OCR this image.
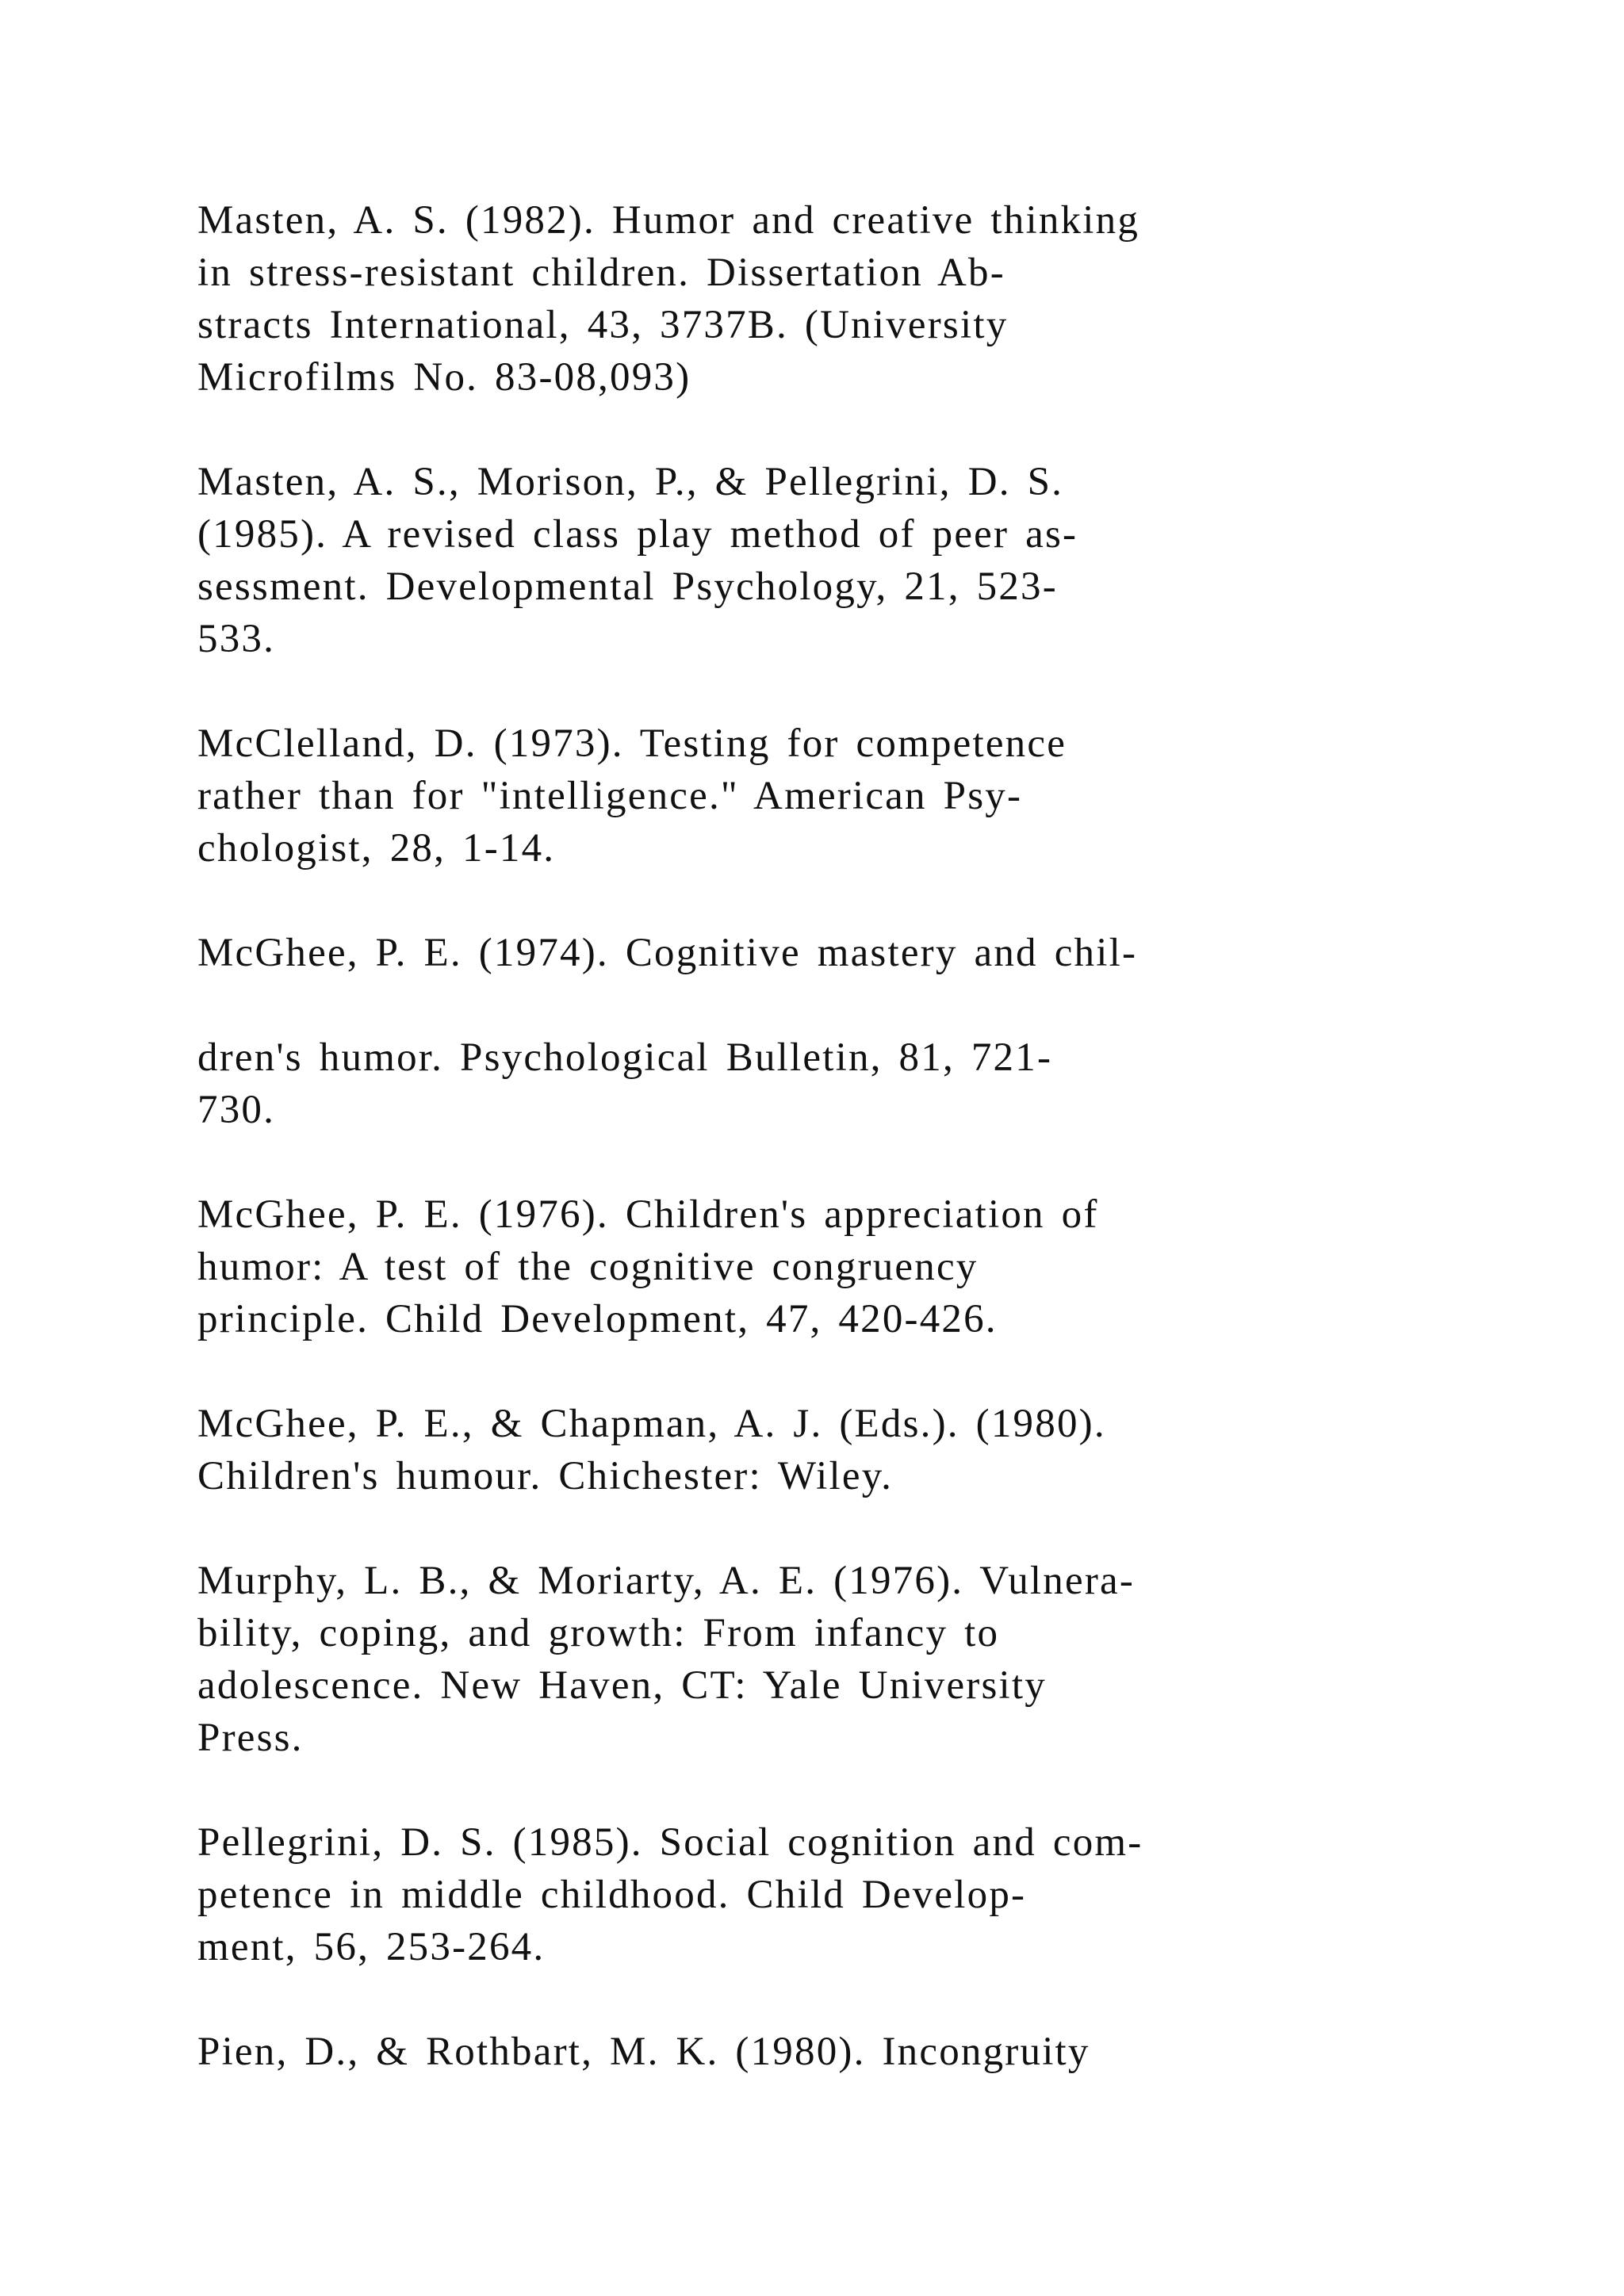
Masten, A. S. (1982). Humor and creative thinking
in stress-resistant children. Dissertation Ab-
stracts International, 43, 3737B. (University
Microfilms No. 83-08,093)

Masten, A. S., Morison, P., & Pellegrini, D. S.
(1985). A revised class play method of peer as-
sessment. Developmental Psychology, 21, 523-
533.

McClelland, D. (1973). Testing for competence
rather than for "intelligence." American Psy-
chologist, 28, 1-14.

McGhee, P. E. (1974). Cognitive mastery and chil-

dren's humor. Psychological Bulletin, 81, 721-
730.

McGhee, P. E. (1976). Children's appreciation of
humor: A test of the cognitive congruency
principle. Child Development, 47, 420-426.

McGhee, P. E., & Chapman, A. J. (Eds.). (1980).
Children's humour. Chichester: Wiley.

Murphy, L. B., & Moriarty, A. E. (1976). Vulnera-
bility, coping, and growth: From infancy to
adolescence. New Haven, CT: Yale University
Press.

Pellegrini, D. S. (1985). Social cognition and com-
petence in middle childhood. Child Develop-
ment, 56, 253-264.

Pien, D., & Rothbart, M. K. (1980). Incongruity
